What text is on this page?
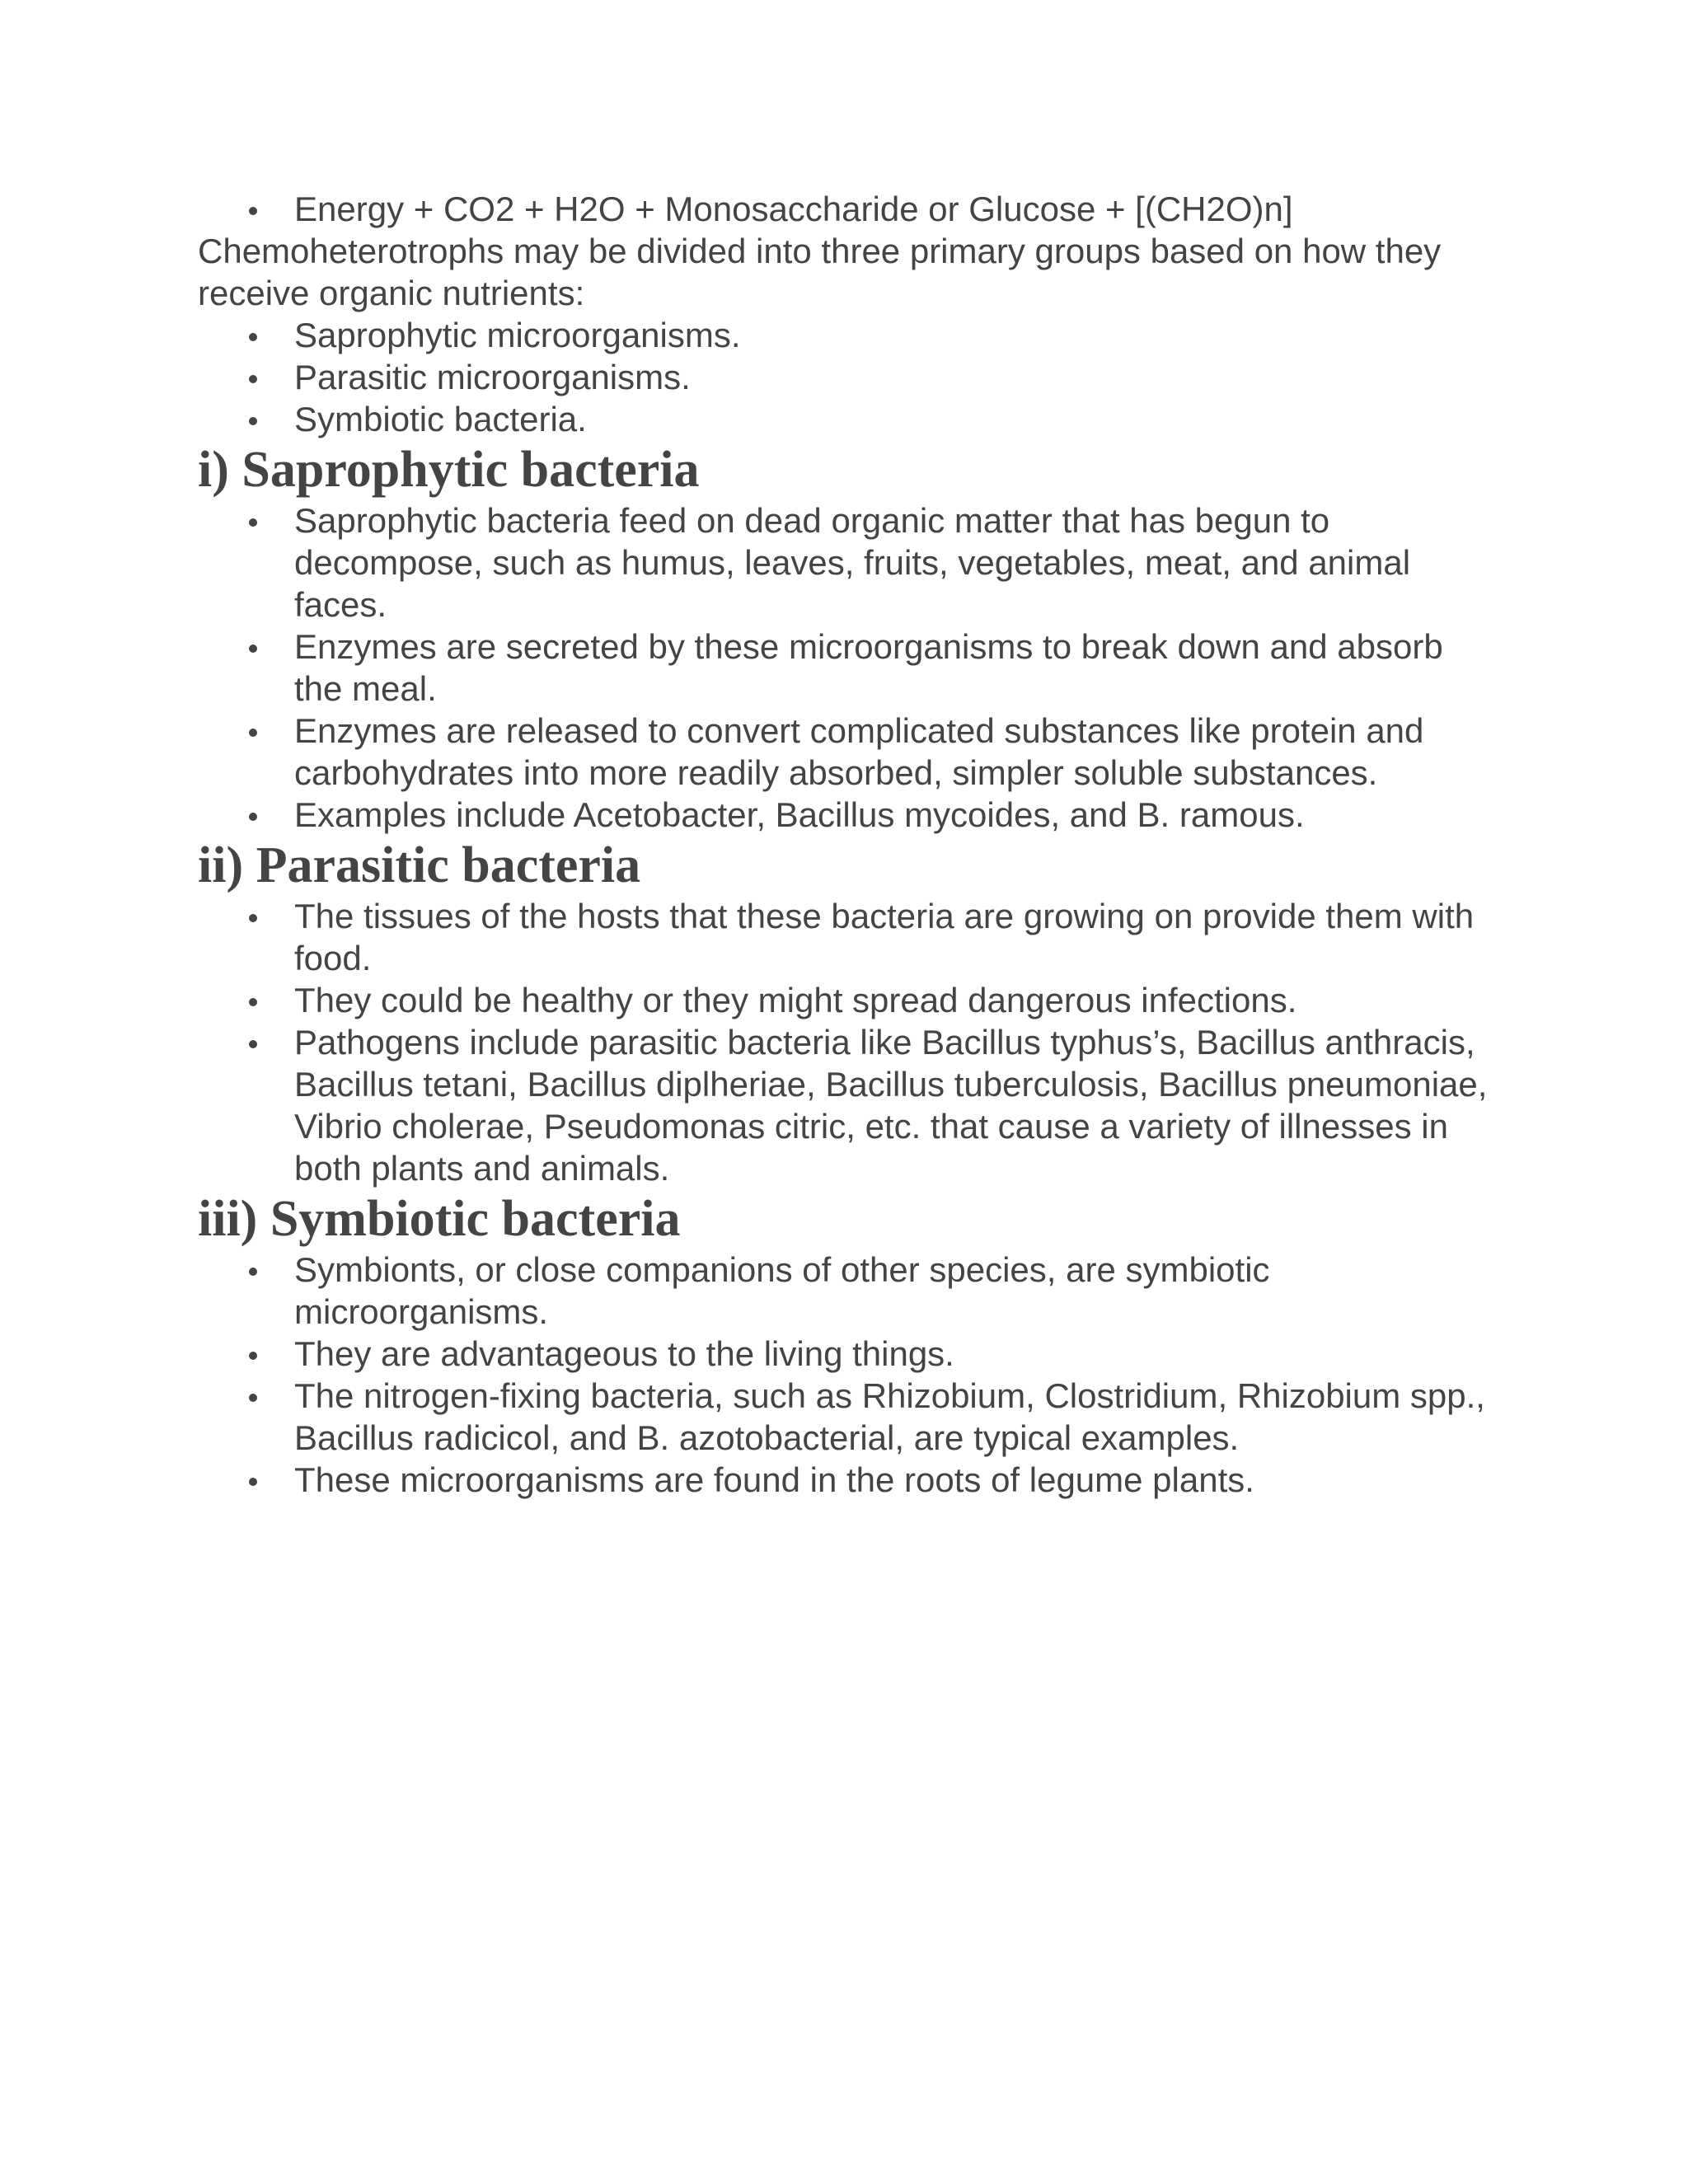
Energy + CO2 + H2O + Monosaccharide or Glucose + [(CH2O)n]

Chemoheterotrophs may be divided into three primary groups based on how they receive organic nutrients:

Saprophytic microorganisms.
Parasitic microorganisms.
Symbiotic bacteria.
i) Saprophytic bacteria
Saprophytic bacteria feed on dead organic matter that has begun to decompose, such as humus, leaves, fruits, vegetables, meat, and animal faces.
Enzymes are secreted by these microorganisms to break down and absorb the meal.
Enzymes are released to convert complicated substances like protein and carbohydrates into more readily absorbed, simpler soluble substances.
Examples include Acetobacter, Bacillus mycoides, and B. ramous.
ii) Parasitic bacteria
The tissues of the hosts that these bacteria are growing on provide them with food.
They could be healthy or they might spread dangerous infections.
Pathogens include parasitic bacteria like Bacillus typhus’s, Bacillus anthracis, Bacillus tetani, Bacillus diplheriae, Bacillus tuberculosis, Bacillus pneumoniae, Vibrio cholerae, Pseudomonas citric, etc. that cause a variety of illnesses in both plants and animals.
iii) Symbiotic bacteria
Symbionts, or close companions of other species, are symbiotic microorganisms.
They are advantageous to the living things.
The nitrogen-fixing bacteria, such as Rhizobium, Clostridium, Rhizobium spp., Bacillus radicicol, and B. azotobacterial, are typical examples.
These microorganisms are found in the roots of legume plants.
